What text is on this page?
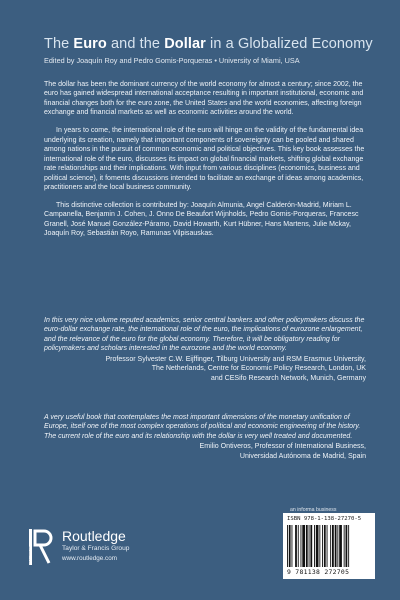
The Euro and the Dollar in a Globalized Economy
Edited by Joaquín Roy and Pedro Gomis-Porqueras • University of Miami, USA

The dollar has been the dominant currency of the world economy for almost a century; since 2002, the euro has gained widespread international acceptance resulting in important institutional, economic and financial changes both for the euro zone, the United States and the world economies, affecting foreign exchange and financial markets as well as economic activities around the world.

In years to come, the international role of the euro will hinge on the validity of the fundamental idea underlying its creation, namely that important components of sovereignty can be pooled and shared among nations in the pursuit of common economic and political objectives. This key book assesses the international role of the euro, discusses its impact on global financial markets, shifting global exchange rate relationships and their implications. With input from various disciplines (economics, business and political science), it foments discussions intended to facilitate an exchange of ideas among academics, practitioners and the local business community.

This distinctive collection is contributed by: Joaquín Almunia, Angel Calderón-Madrid, Miriam L. Campanella, Benjamin J. Cohen, J. Onno De Beaufort Wijnholds, Pedro Gomis-Porqueras, Francesc Granell, José Manuel González-Páramo, David Howarth, Kurt Hübner, Hans Martens, Julie Mckay, Joaquín Roy, Sebastián Royo, Ramunas Vilpisauskas.

In this very nice volume reputed academics, senior central bankers and other policymakers discuss the euro-dollar exchange rate, the international role of the euro, the implications of eurozone enlargement, and the relevance of the euro for the global economy. Therefore, it will be obligatory reading for policymakers and scholars interested in the eurozone and the world economy.

Professor Sylvester C.W. Eijffinger, Tilburg University and RSM Erasmus University,
The Netherlands, Centre for Economic Policy Research, London, UK
and CESifo Research Network, Munich, Germany

A very useful book that contemplates the most important dimensions of the monetary unification of Europe, itself one of the most complex operations of political and economic engineering of the history. The current role of the euro and its relationship with the dollar is very well treated and documented.

Emilio Ontiveros, Professor of International Business,
Universidad Autónoma de Madrid, Spain

ROUTLEDGE
Routledge
Taylor & Francis Group
www.routledge.com
an informa business
ISBN 978-1-138-27270-5
9 781138 272705
